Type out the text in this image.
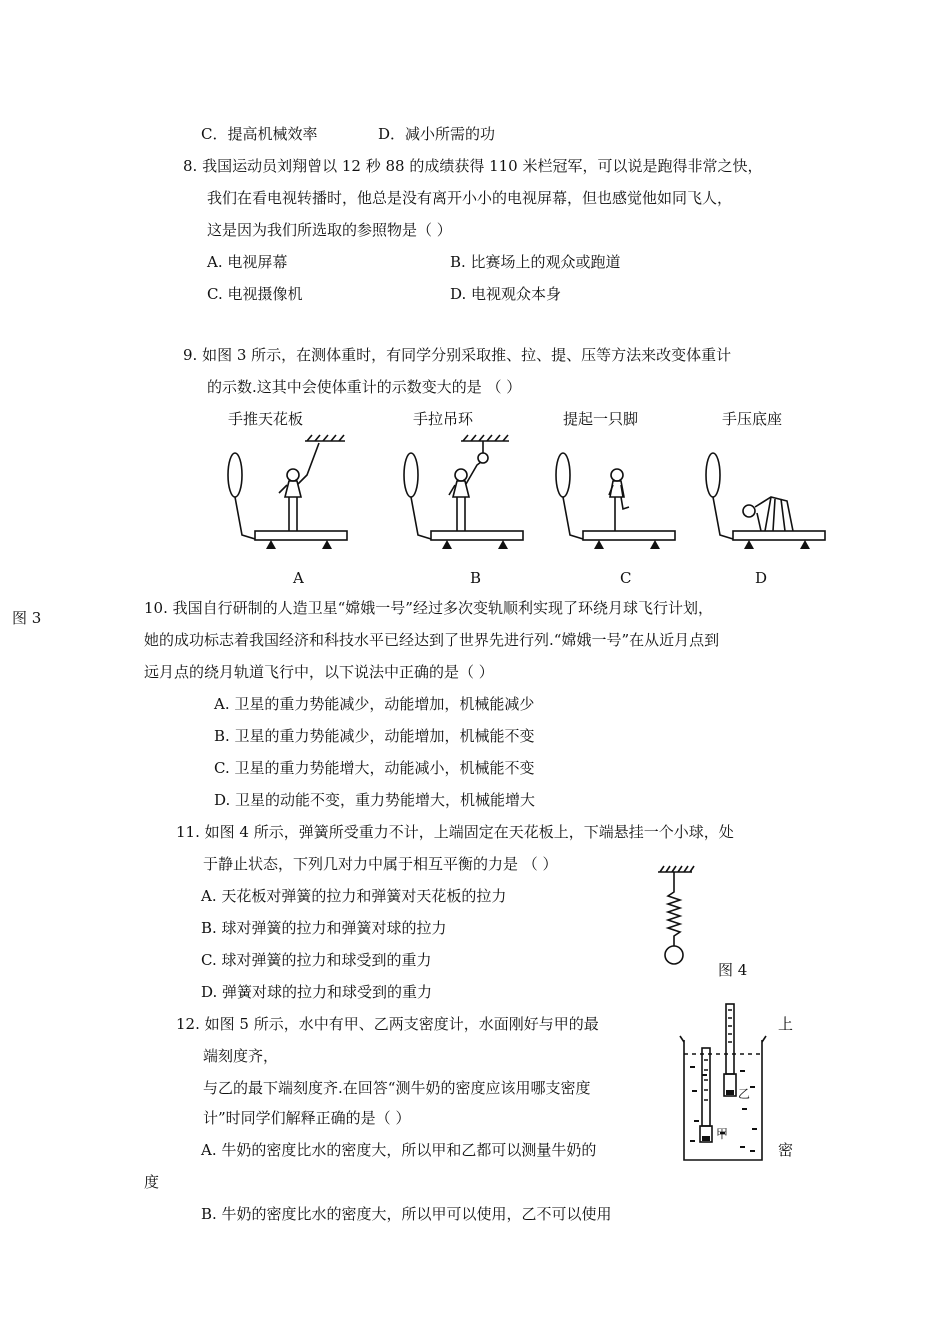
C．提高机械效率	D．减小所需的功
8. 我国运动员刘翔曾以 12 秒 88 的成绩获得 110 米栏冠军，可以说是跑得非常之快，
我们在看电视转播时，他总是没有离开小小的电视屏幕，但也感觉他如同飞人，
这是因为我们所选取的参照物是（ ）
A. 电视屏幕	B. 比赛场上的观众或跑道
C. 电视摄像机	D. 电视观众本身
9. 如图 3 所示，在测体重时，有同学分别采取推、拉、提、压等方法来改变体重计
的示数.这其中会使体重计的示数变大的是 （ ）
手推天花板	手拉吊环	提起一只脚	手压底座
A	B	C	D
图 3
10. 我国自行研制的人造卫星“嫦娥一号”经过多次变轨顺利实现了环绕月球飞行计划，
她的成功标志着我国经济和科技水平已经达到了世界先进行列.“嫦娥一号”在从近月点到
远月点的绕月轨道飞行中，以下说法中正确的是（ ）
A. 卫星的重力势能减少，动能增加，机械能减少
B. 卫星的重力势能减少，动能增加，机械能不变
C. 卫星的重力势能增大，动能减小，机械能不变
D. 卫星的动能不变，重力势能增大，机械能增大
11. 如图 4 所示，弹簧所受重力不计，上端固定在天花板上，下端悬挂一个小球，处
于静止状态，下列几对力中属于相互平衡的力是 （ ）
A. 天花板对弹簧的拉力和弹簧对天花板的拉力
B. 球对弹簧的拉力和弹簧对球的拉力
C. 球对弹簧的拉力和球受到的重力
D. 弹簧对球的拉力和球受到的重力
图 4
12. 如图 5 所示，水中有甲、乙两支密度计，水面刚好与甲的最	上
端刻度齐，
与乙的最下端刻度齐.在回答“测牛奶的密度应该用哪支密度
计”时同学们解释正确的是（ ）
A. 牛奶的密度比水的密度大，所以甲和乙都可以测量牛奶的	密
度
B. 牛奶的密度比水的密度大，所以甲可以使用，乙不可以使用
乙
甲
